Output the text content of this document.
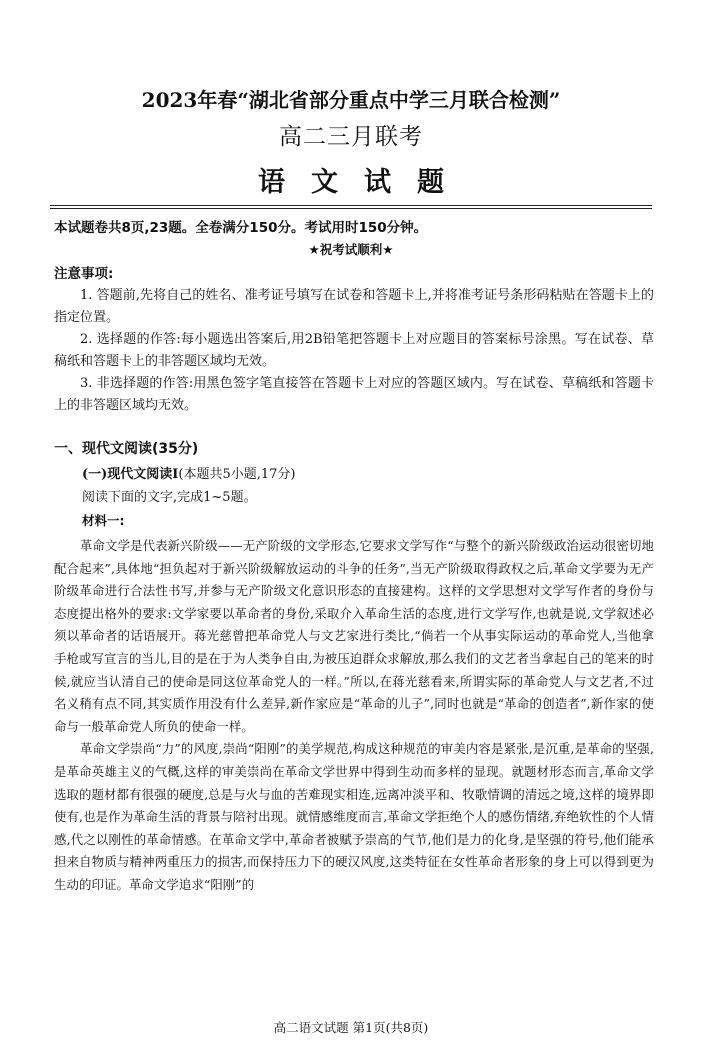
2023年春“湖北省部分重点中学三月联合检测”
高二三月联考
语文试题
本试题卷共8页,23题。全卷满分150分。考试用时150分钟。
★祝考试顺利★
注意事项:

1. 答题前,先将自己的姓名、准考证号填写在试卷和答题卡上,并将准考证号条形码粘贴在答题卡上的指定位置。

2. 选择题的作答:每小题选出答案后,用2B铅笔把答题卡上对应题目的答案标号涂黑。写在试卷、草稿纸和答题卡上的非答题区域均无效。

3. 非选择题的作答:用黑色签字笔直接答在答题卡上对应的答题区域内。写在试卷、草稿纸和答题卡上的非答题区域均无效。

一、现代文阅读(35分)
(一)现代文阅读Ⅰ(本题共5小题,17分)
阅读下面的文字,完成1~5题。
材料一:

革命文学是代表新兴阶级——无产阶级的文学形态,它要求文学写作“与整个的新兴阶级政治运动很密切地配合起来”,具体地“担负起对于新兴阶级解放运动的斗争的任务”,当无产阶级取得政权之后,革命文学要为无产阶级革命进行合法性书写,并参与无产阶级文化意识形态的直接建构。这样的文学思想对文学写作者的身份与态度提出格外的要求:文学家要以革命者的身份,采取介入革命生活的态度,进行文学写作,也就是说,文学叙述必须以革命者的话语展开。蒋光慈曾把革命党人与文艺家进行类比,“倘若一个从事实际运动的革命党人,当他拿手枪或写宣言的当儿,目的是在于为人类争自由,为被压迫群众求解放,那么我们的文艺者当拿起自己的笔来的时候,就应当认清自己的使命是同这位革命党人的一样。”所以,在蒋光慈看来,所谓实际的革命党人与文艺者,不过名义稍有点不同,其实质作用没有什么差异,新作家应是“革命的儿子”,同时也就是“革命的创造者”,新作家的使命与一般革命党人所负的使命一样。

革命文学崇尚“力”的风度,崇尚“阳刚”的美学规范,构成这种规范的审美内容是紧张,是沉重,是革命的坚强,是革命英雄主义的气概,这样的审美崇尚在革命文学世界中得到生动而多样的显现。就题材形态而言,革命文学选取的题材都有很强的硬度,总是与火与血的苦难现实相连,远离冲淡平和、牧歌情调的清远之境,这样的境界即使有,也是作为革命生活的背景与陪衬出现。就情感维度而言,革命文学拒绝个人的感伤情绪,弃绝软性的个人情感,代之以刚性的革命情感。在革命文学中,革命者被赋予崇高的气节,他们是力的化身,是坚强的符号,他们能承担来自物质与精神两重压力的损害,而保持压力下的硬汉风度,这类特征在女性革命者形象的身上可以得到更为生动的印证。革命文学追求“阳刚”的

高二语文试题 第1页(共8页)
